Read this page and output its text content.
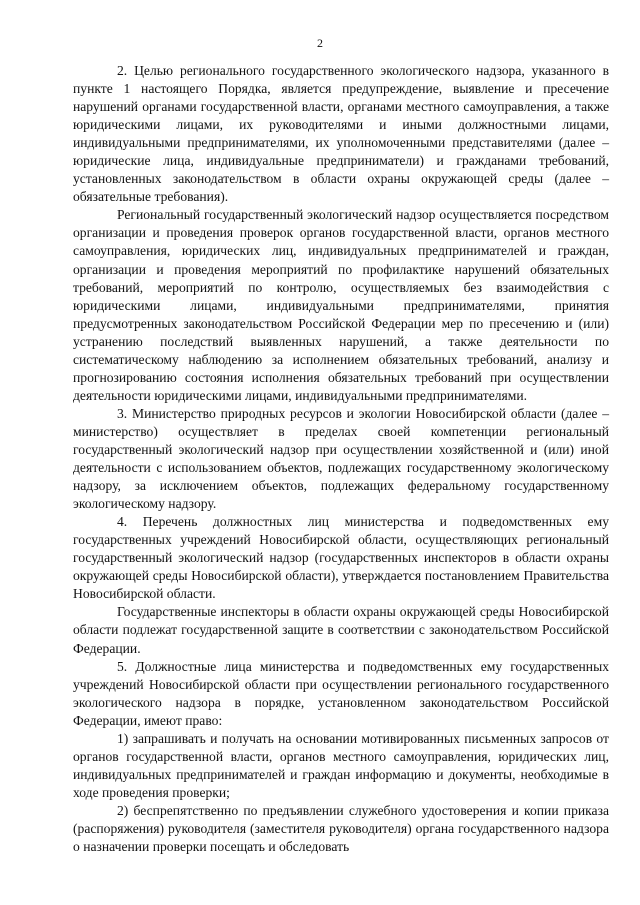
2

2. Целью регионального государственного экологического надзора, указанного в пункте 1 настоящего Порядка, является предупреждение, выявление и пресечение нарушений органами государственной власти, органами местного самоуправления, а также юридическими лицами, их руководителями и иными должностными лицами, индивидуальными предпринимателями, их уполномоченными представителями (далее – юридические лица, индивидуальные предприниматели) и гражданами требований, установленных законодательством в области охраны окружающей среды (далее – обязательные требования).

Региональный государственный экологический надзор осуществляется посредством организации и проведения проверок органов государственной власти, органов местного самоуправления, юридических лиц, индивидуальных предпринимателей и граждан, организации и проведения мероприятий по профилактике нарушений обязательных требований, мероприятий по контролю, осуществляемых без взаимодействия с юридическими лицами, индивидуальными предпринимателями, принятия предусмотренных законодательством Российской Федерации мер по пресечению и (или) устранению последствий выявленных нарушений, а также деятельности по систематическому наблюдению за исполнением обязательных требований, анализу и прогнозированию состояния исполнения обязательных требований при осуществлении деятельности юридическими лицами, индивидуальными предпринимателями.

3. Министерство природных ресурсов и экологии Новосибирской области (далее – министерство) осуществляет в пределах своей компетенции региональный государственный экологический надзор при осуществлении хозяйственной и (или) иной деятельности с использованием объектов, подлежащих государственному экологическому надзору, за исключением объектов, подлежащих федеральному государственному экологическому надзору.

4. Перечень должностных лиц министерства и подведомственных ему государственных учреждений Новосибирской области, осуществляющих региональный государственный экологический надзор (государственных инспекторов в области охраны окружающей среды Новосибирской области), утверждается постановлением Правительства Новосибирской области.

Государственные инспекторы в области охраны окружающей среды Новосибирской области подлежат государственной защите в соответствии с законодательством Российской Федерации.

5. Должностные лица министерства и подведомственных ему государственных учреждений Новосибирской области при осуществлении регионального государственного экологического надзора в порядке, установленном законодательством Российской Федерации, имеют право:

1) запрашивать и получать на основании мотивированных письменных запросов от органов государственной власти, органов местного самоуправления, юридических лиц, индивидуальных предпринимателей и граждан информацию и документы, необходимые в ходе проведения проверки;

2) беспрепятственно по предъявлении служебного удостоверения и копии приказа (распоряжения) руководителя (заместителя руководителя) органа государственного надзора о назначении проверки посещать и обследовать
